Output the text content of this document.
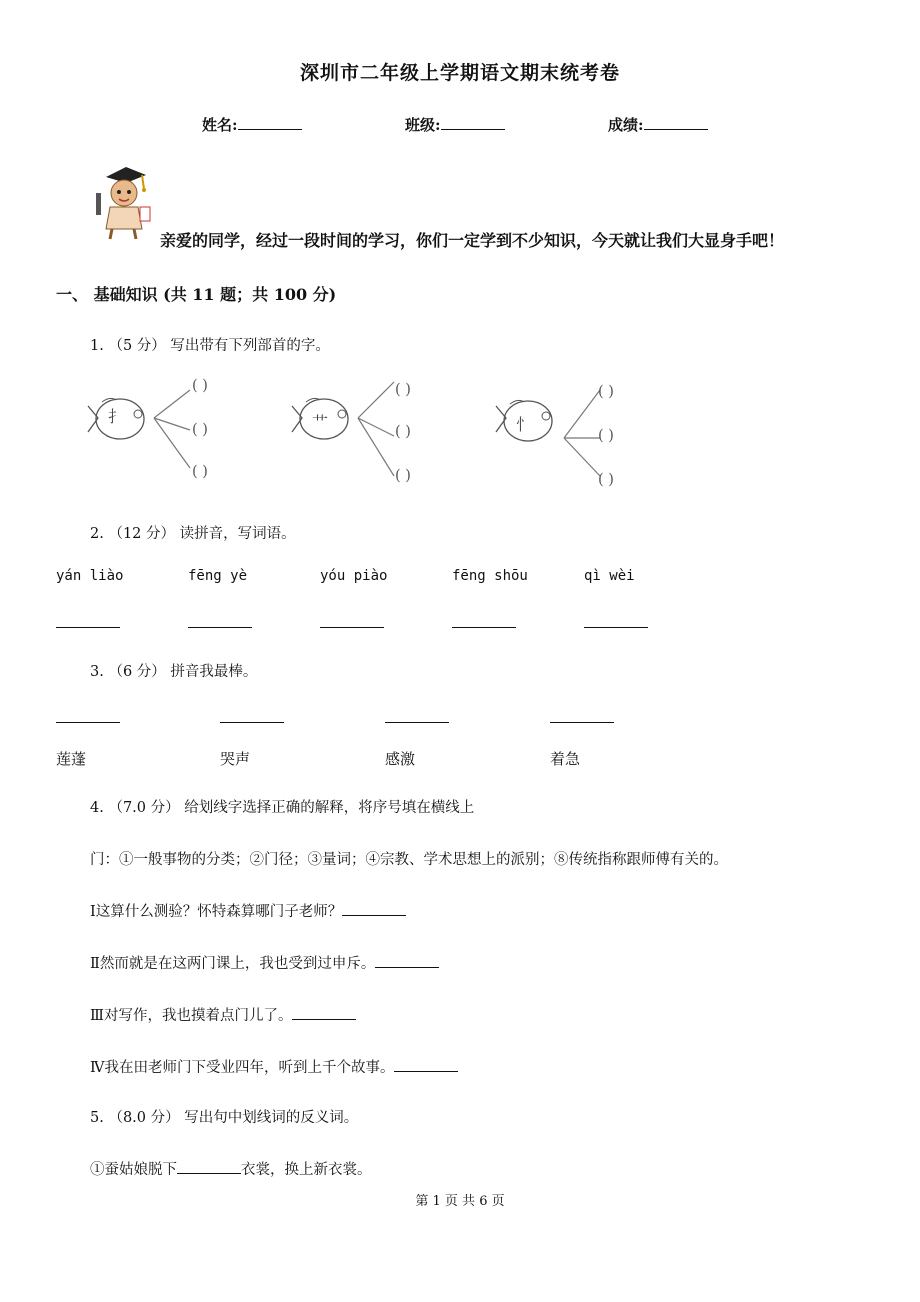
深圳市二年级上学期语文期末统考卷
姓名:	班级:	成绩:
亲爱的同学，经过一段时间的学习，你们一定学到不少知识，今天就让我们大显身手吧！
一、 基础知识 (共 11 题；共 100 分)
1. （5 分） 写出带有下列部首的字。
扌
( )
( )
( )
艹
( )
( )
( )
忄
( )
( )
( )
2. （12 分） 读拼音，写词语。
yán liào	fēng yè	yóu piào	fēng shōu	qì wèi
3. （6 分） 拼音我最棒。
莲蓬	哭声	感激	着急
4. （7.0 分） 给划线字选择正确的解释，将序号填在横线上
门：①一般事物的分类；②门径；③量词；④宗教、学术思想上的派别；⑧传统指称跟师傅有关的。
Ⅰ这算什么测验？怀特森算哪门子老师？
Ⅱ然而就是在这两门课上，我也受到过申斥。
Ⅲ对写作，我也摸着点门儿了。
Ⅳ我在田老师门下受业四年，听到上千个故事。
5. （8.0 分） 写出句中划线词的反义词。
①蚕姑娘脱下	衣裳，换上新衣裳。
第 1 页 共 6 页
